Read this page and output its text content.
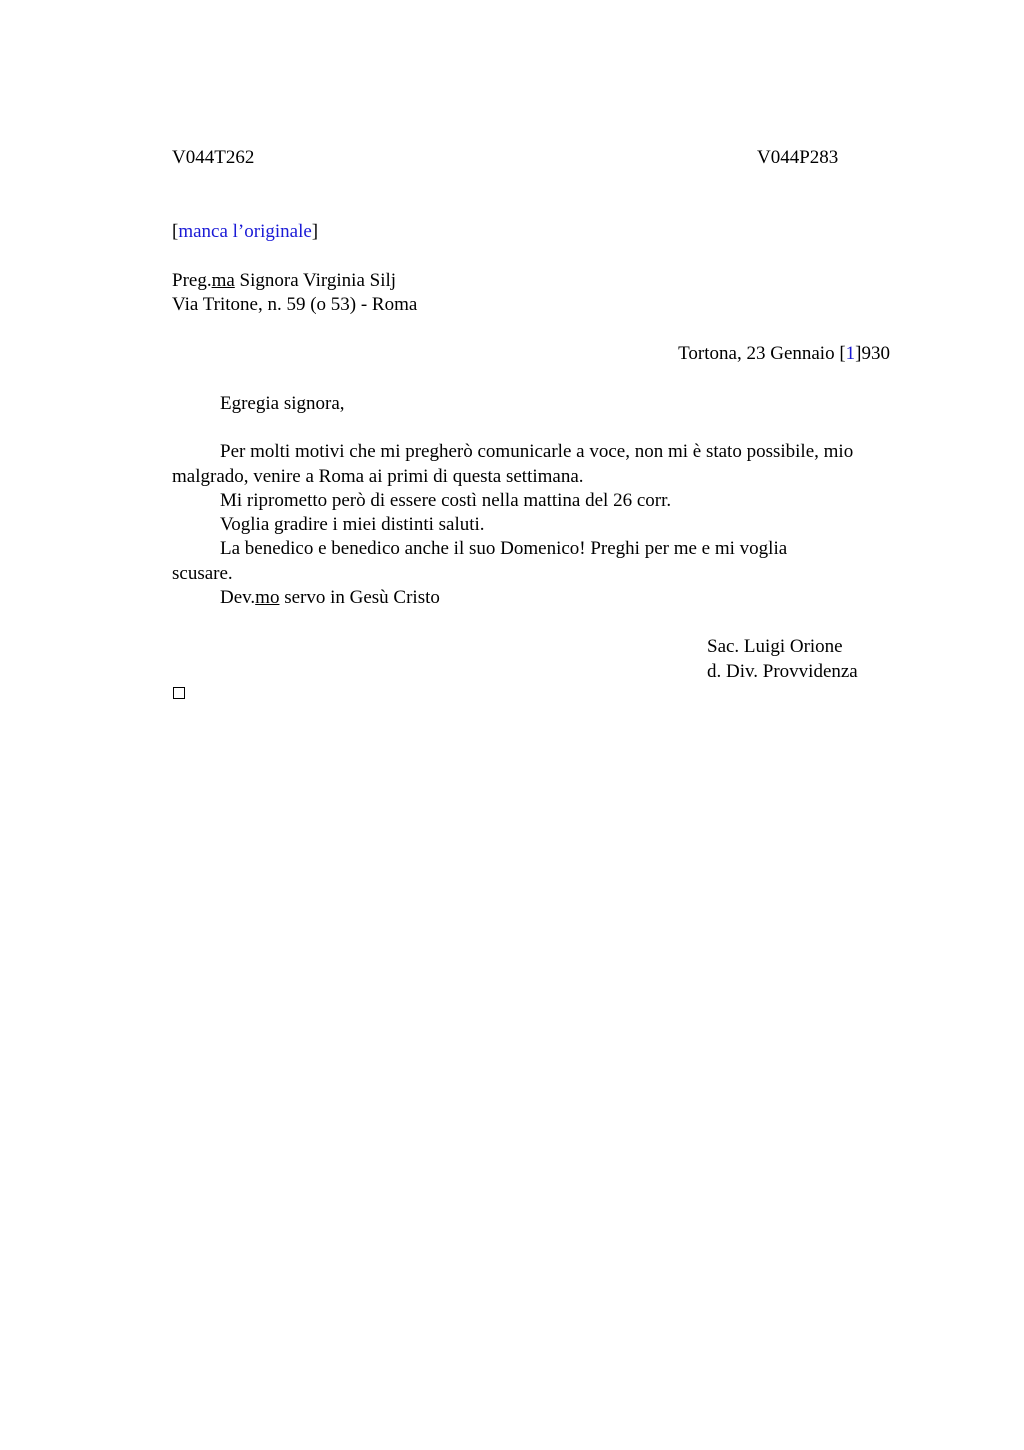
V044T262	V044P283
[manca l’originale]
Preg.ma Signora Virginia Silj
Via Tritone, n. 59 (o 53) - Roma
Tortona, 23 Gennaio [1]930
Egregia signora,
Per molti motivi che mi pregherò comunicarle a voce, non mi è stato possibile, mio malgrado, venire a Roma ai primi di questa settimana.
Mi riprometto però di essere costì nella mattina del 26 corr.
Voglia gradire i miei distinti saluti.
La benedico e benedico anche il suo Domenico! Preghi per me e mi voglia scusare.
Dev.mo servo in Gesù Cristo
Sac. Luigi Orione
d. Div. Provvidenza
